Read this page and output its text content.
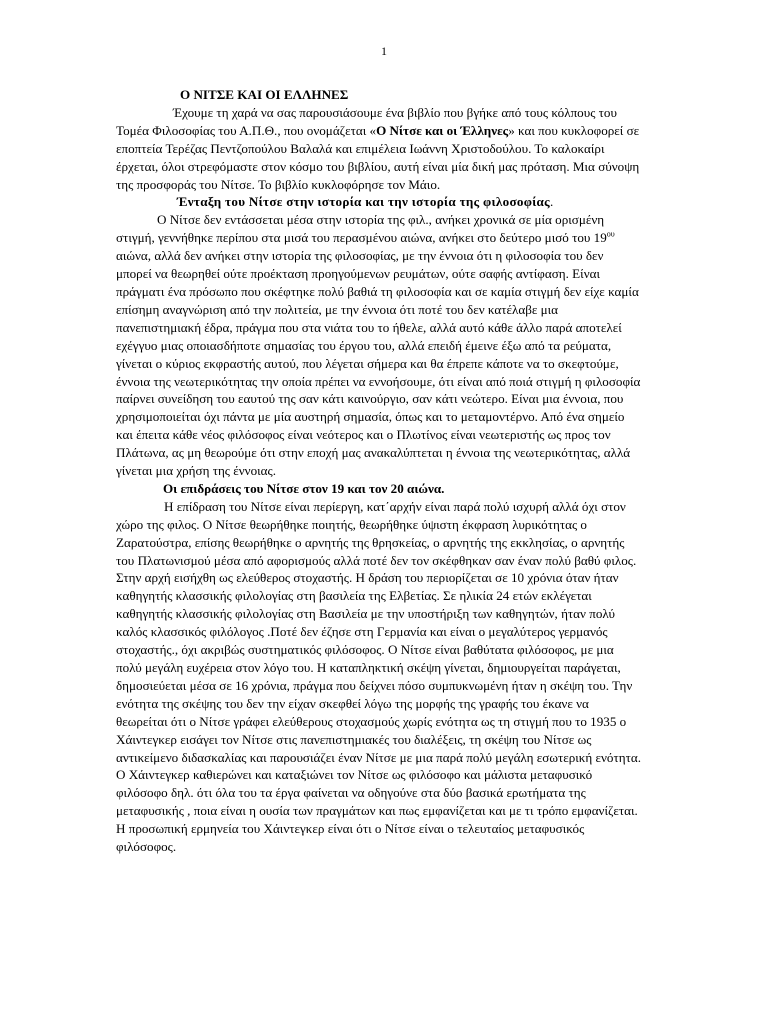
1
Ο ΝΙΤΣΕ ΚΑΙ ΟΙ ΕΛΛΗΝΕΣ

Έχουμε τη χαρά να σας παρουσιάσουμε ένα βιβλίο που βγήκε από τους κόλπους του Τομέα Φιλοσοφίας του Α.Π.Θ., που ονομάζεται «Ο Νίτσε και οι Έλληνες» και που κυκλοφορεί σε εποπτεία Τερέζας Πεντζοπούλου Βαλαλά και επιμέλεια Ιωάννη Χριστοδούλου. Το καλοκαίρι έρχεται, όλοι στρεφόμαστε στον κόσμο του βιβλίου, αυτή είναι μία δική μας πρόταση. Μια σύνοψη της προσφοράς του Νίτσε. Το βιβλίο κυκλοφόρησε τον Μάιο.

Ένταξη του Νίτσε στην ιστορία και την ιστορία της φιλοσοφίας.

Ο Νίτσε δεν εντάσσεται μέσα στην ιστορία της φιλ., ανήκει χρονικά σε μία ορισμένη στιγμή, γεννήθηκε περίπου στα μισά του περασμένου αιώνα, ανήκει στο δεύτερο μισό του $19^{o\upsilon}$ αιώνα, αλλά δεν ανήκει στην ιστορία της φιλοσοφίας, με την έννοια ότι η φιλοσοφία του δεν μπορεί να θεωρηθεί ούτε προέκταση προηγούμενων ρευμάτων, ούτε σαφής αντίφαση. Είναι πράγματι ένα πρόσωπο που σκέφτηκε πολύ βαθιά τη φιλοσοφία και σε καμία στιγμή δεν είχε καμία επίσημη αναγνώριση από την πολιτεία, με την έννοια ότι ποτέ του δεν κατέλαβε μια πανεπιστημιακή έδρα, πράγμα που στα νιάτα του το ήθελε, αλλά αυτό κάθε άλλο παρά αποτελεί εχέγγυο μιας οποιασδήποτε σημασίας του έργου του, αλλά επειδή έμεινε έξω από τα ρεύματα, γίνεται ο κύριος εκφραστής αυτού, που λέγεται σήμερα και θα έπρεπε κάποτε να το σκεφτούμε, έννοια της νεωτερικότητας την οποία πρέπει να εννοήσουμε, ότι είναι από ποιά στιγμή η φιλοσοφία παίρνει συνείδηση του εαυτού της σαν κάτι καινούργιο, σαν κάτι νεώτερο. Είναι μια έννοια, που χρησιμοποιείται όχι πάντα με μία αυστηρή σημασία, όπως και το μεταμοντέρνο. Από ένα σημείο και έπειτα κάθε νέος φιλόσοφος είναι νεότερος και ο Πλωτίνος είναι νεωτεριστής ως προς τον Πλάτωνα, ας μη θεωρούμε ότι στην εποχή μας ανακαλύπτεται η έννοια της νεωτερικότητας, αλλά γίνεται μια χρήση της έννοιας.

Οι επιδράσεις του Νίτσε στον 19 και τον 20 αιώνα.

Η επίδραση του Νίτσε είναι περίεργη, κατ΄αρχήν είναι παρά πολύ ισχυρή αλλά όχι στον χώρο της φιλος. Ο Νίτσε θεωρήθηκε ποιητής, θεωρήθηκε ύψιστη έκφραση λυρικότητας ο Ζαρατούστρα, επίσης θεωρήθηκε ο αρνητής της θρησκείας, ο αρνητής της εκκλησίας, ο αρνητής του Πλατωνισμού μέσα από αφορισμούς αλλά ποτέ δεν τον σκέφθηκαν σαν έναν πολύ βαθύ φιλος. Στην αρχή εισήχθη ως ελεύθερος στοχαστής. Η δράση του περιορίζεται σε 10 χρόνια όταν ήταν καθηγητής κλασσικής φιλολογίας στη βασιλεία της Ελβετίας. Σε ηλικία 24 ετών εκλέγεται καθηγητής κλασσικής φιλολογίας στη Βασιλεία με την υποστήριξη των καθηγητών, ήταν πολύ καλός κλασσικός φιλόλογος .Ποτέ δεν έζησε στη Γερμανία και είναι ο μεγαλύτερος γερμανός στοχαστής., όχι ακριβώς συστηματικός φιλόσοφος. Ο Νίτσε είναι βαθύτατα φιλόσοφος, με μια πολύ μεγάλη ευχέρεια στον λόγο του. Η καταπληκτική σκέψη γίνεται, δημιουργείται παράγεται, δημοσιεύεται μέσα σε 16 χρόνια, πράγμα που δείχνει πόσο συμπυκνωμένη ήταν η σκέψη του. Την ενότητα της σκέψης του δεν την είχαν σκεφθεί λόγω της μορφής της γραφής του έκανε να θεωρείται ότι ο Νίτσε γράφει ελεύθερους στοχασμούς χωρίς ενότητα ως τη στιγμή που το 1935 ο Χάιντεγκερ εισάγει τον Νίτσε στις πανεπιστημιακές του διαλέξεις, τη σκέψη του Νίτσε ως αντικείμενο διδασκαλίας και παρουσιάζει έναν Νίτσε με μια παρά πολύ μεγάλη εσωτερική ενότητα. Ο Χάιντεγκερ καθιερώνει και καταξιώνει τον Νίτσε ως φιλόσοφο και μάλιστα μεταφυσικό φιλόσοφο δηλ. ότι όλα του τα έργα φαίνεται να οδηγούνε στα δύο βασικά ερωτήματα της μεταφυσικής , ποια είναι η ουσία των πραγμάτων και πως εμφανίζεται και με τι τρόπο εμφανίζεται. Η προσωπική ερμηνεία του Χάιντεγκερ είναι ότι ο Νίτσε είναι ο τελευταίος μεταφυσικός φιλόσοφος.
